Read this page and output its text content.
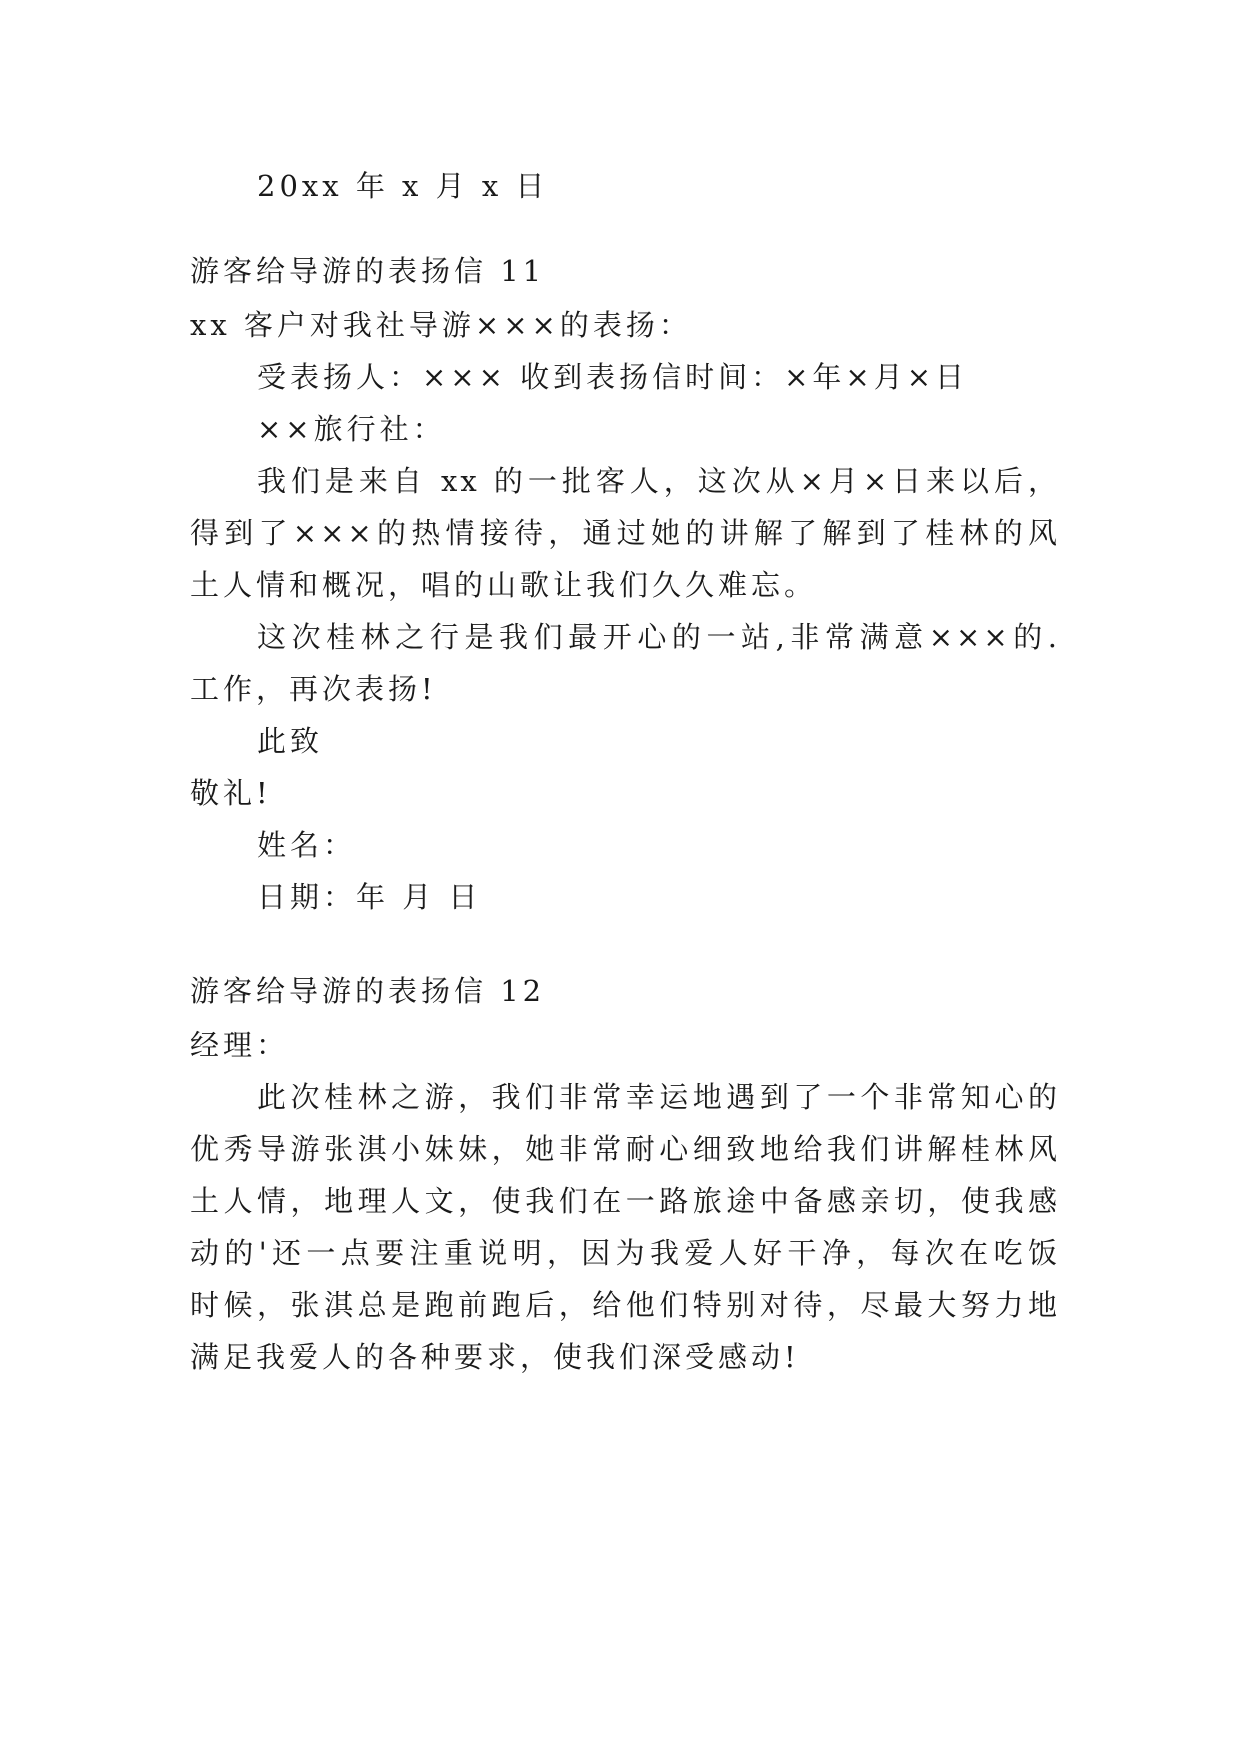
20xx 年 x 月 x 日
游客给导游的表扬信 11
xx 客户对我社导游×××的表扬：
受表扬人：××× 收到表扬信时间：×年×月×日
××旅行社：
我们是来自 xx 的一批客人，这次从×月×日来以后，
得到了×××的热情接待，通过她的讲解了解到了桂林的风
土人情和概况，唱的山歌让我们久久难忘。
这次桂林之行是我们最开心的一站,非常满意×××的.
工作，再次表扬!
此致
敬礼!
姓名：
日期：年 月 日
游客给导游的表扬信 12
经理：
此次桂林之游，我们非常幸运地遇到了一个非常知心的
优秀导游张淇小妹妹，她非常耐心细致地给我们讲解桂林风
土人情，地理人文，使我们在一路旅途中备感亲切，使我感
动的'还一点要注重说明，因为我爱人好干净，每次在吃饭
时候，张淇总是跑前跑后，给他们特别对待，尽最大努力地
满足我爱人的各种要求，使我们深受感动!
